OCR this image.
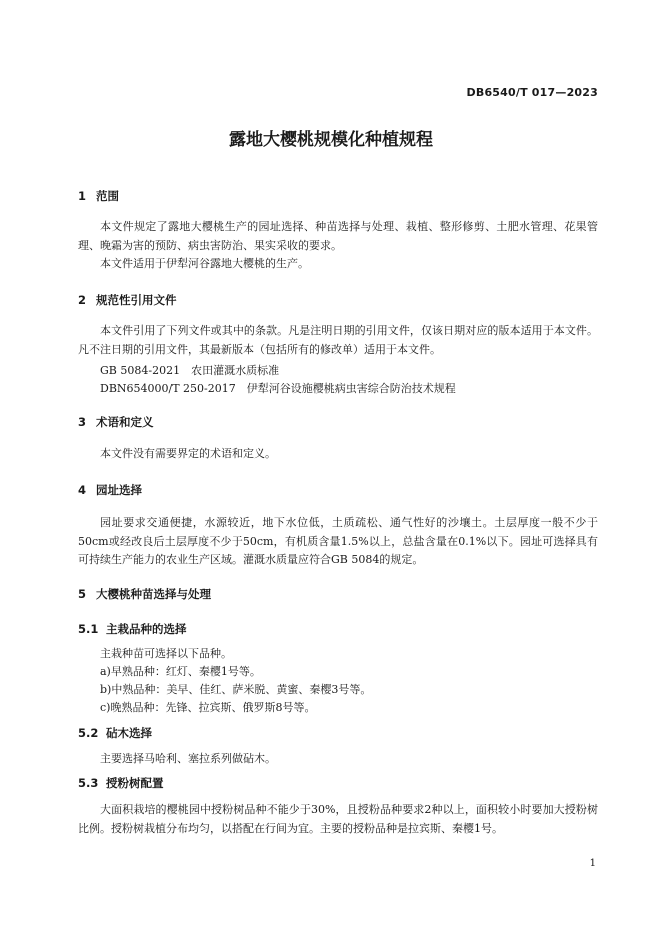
DB6540/T 017—2023
露地大樱桃规模化种植规程
1 范围
本文件规定了露地大樱桃生产的园址选择、种苗选择与处理、栽植、整形修剪、土肥水管理、花果管理、晚霜为害的预防、病虫害防治、果实采收的要求。
本文件适用于伊犁河谷露地大樱桃的生产。
2 规范性引用文件
本文件引用了下列文件或其中的条款。凡是注明日期的引用文件，仅该日期对应的版本适用于本文件。凡不注日期的引用文件，其最新版本（包括所有的修改单）适用于本文件。
GB 5084-2021　农田灌溉水质标准
DBN654000/T 250-2017　伊犁河谷设施樱桃病虫害综合防治技术规程
3 术语和定义
本文件没有需要界定的术语和定义。
4 园址选择
园址要求交通便捷，水源较近，地下水位低，土质疏松、通气性好的沙壤土。土层厚度一般不少于50cm或经改良后土层厚度不少于50cm，有机质含量1.5%以上，总盐含量在0.1%以下。园址可选择具有可持续生产能力的农业生产区域。灌溉水质量应符合GB 5084的规定。
5 大樱桃种苗选择与处理
5.1 主栽品种的选择
主栽种苗可选择以下品种。
a)早熟品种：红灯、秦樱1号等。
b)中熟品种：美早、佳红、萨米脱、黄蜜、秦樱3号等。
c)晚熟品种：先锋、拉宾斯、俄罗斯8号等。
5.2 砧木选择
主要选择马哈利、塞拉系列做砧木。
5.3 授粉树配置
大面积栽培的樱桃园中授粉树品种不能少于30%，且授粉品种要求2种以上，面积较小时要加大授粉树比例。授粉树栽植分布均匀，以搭配在行间为宜。主要的授粉品种是拉宾斯、秦樱1号。
1
